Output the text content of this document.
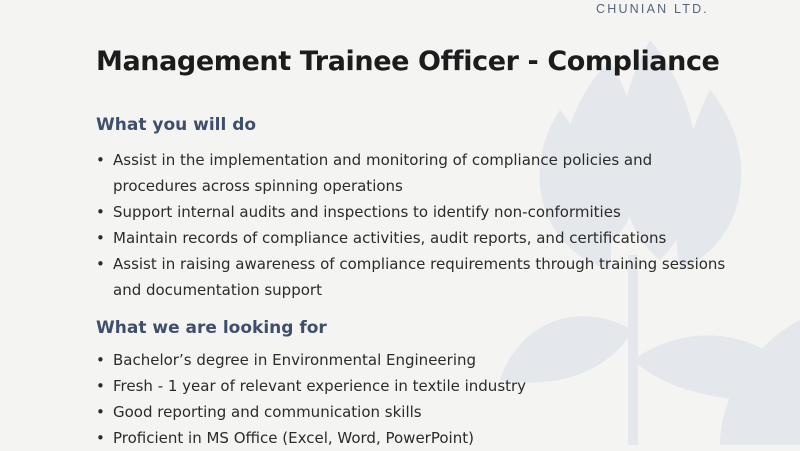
CHUNIAN LTD.
Management Trainee Officer - Compliance
What you will do
• Assist in the implementation and monitoring of compliance policies and procedures across spinning operations
• Support internal audits and inspections to identify non-conformities
• Maintain records of compliance activities, audit reports, and certifications
• Assist in raising awareness of compliance requirements through training sessions and documentation support
What we are looking for
• Bachelor’s degree in Environmental Engineering
• Fresh - 1 year of relevant experience in textile industry
• Good reporting and communication skills
• Proficient in MS Office (Excel, Word, PowerPoint)
